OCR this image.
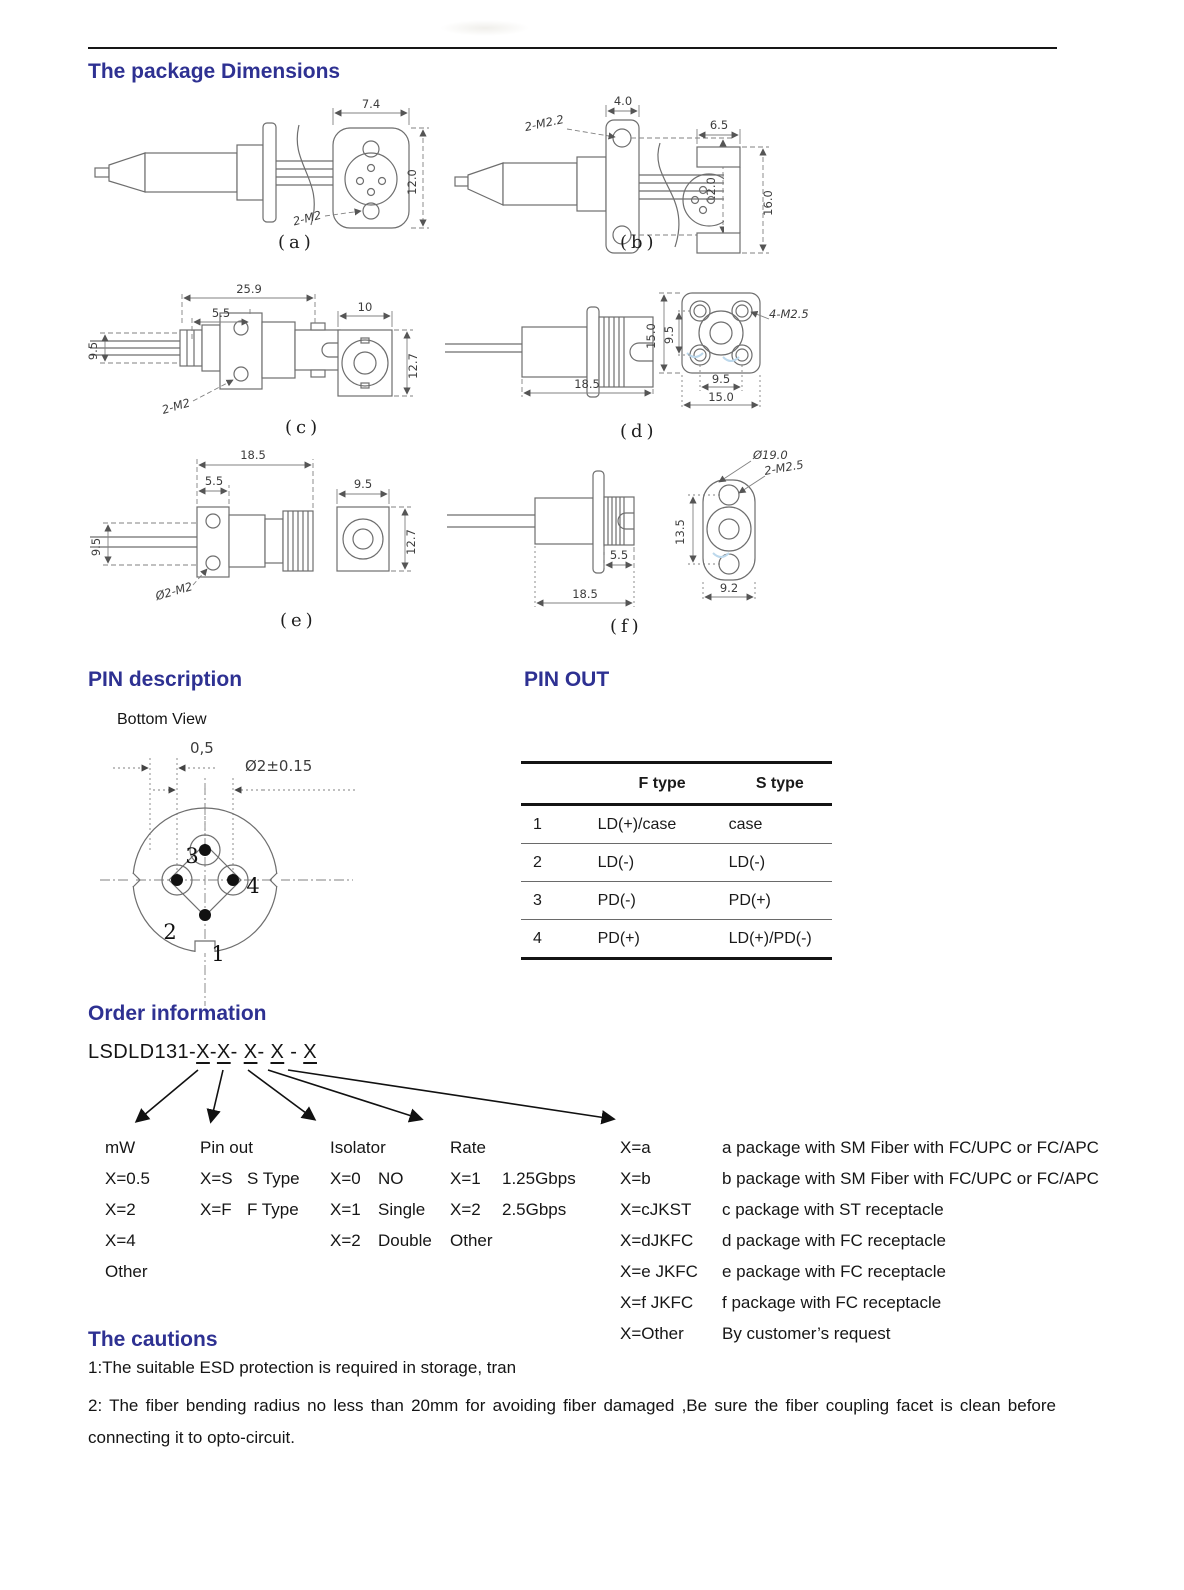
The package Dimensions
7.4
12.0
2-M2
(a)
4.0
2-M2.2
12.0
6.5
16.0
(b)
25.9
5.5
9.5
2-M2
10
12.7
(c)
18.5
15.0 9.5
4-M2.5
9.5
15.0
(d)
18.5
5.5
9.5
Ø2-M2
9.5
12.7
(e)
5.5
18.5
Ø19.0
2-M2.5
13.5
9.2
(f)
PIN description	PIN OUT
Bottom View
0,5
Ø2±0.15
3
4
2
1
	F type	S type
1	LD(+)/case	case
2	LD(-)	LD(-)
3	PD(-)	PD(+)
4	PD(+)	LD(+)/PD(-)
Order information
LSDLD131-X-X- X- X - X
mW
X=0.5
X=2
X=4
Other
Pin out
X=S S Type
X=F F Type
Isolator
X=0	NO
X=1	Single
X=2	Double
Rate
X=1	1.25Gbps
X=2	2.5Gbps
Other
X=a	a package with SM Fiber with FC/UPC or FC/APC
X=b	b package with SM Fiber with FC/UPC or FC/APC
X=cJKST	c package with ST receptacle
X=dJKFC	d package with FC receptacle
X=e JKFC	e package with FC receptacle
X=f JKFC	f package with FC receptacle
X=Other	By customer’s request
The cautions
1:The suitable ESD protection is required in storage, tran
2: The fiber bending radius no less than 20mm for avoiding fiber damaged ,Be sure the fiber coupling facet is clean before connecting it to opto-circuit.
